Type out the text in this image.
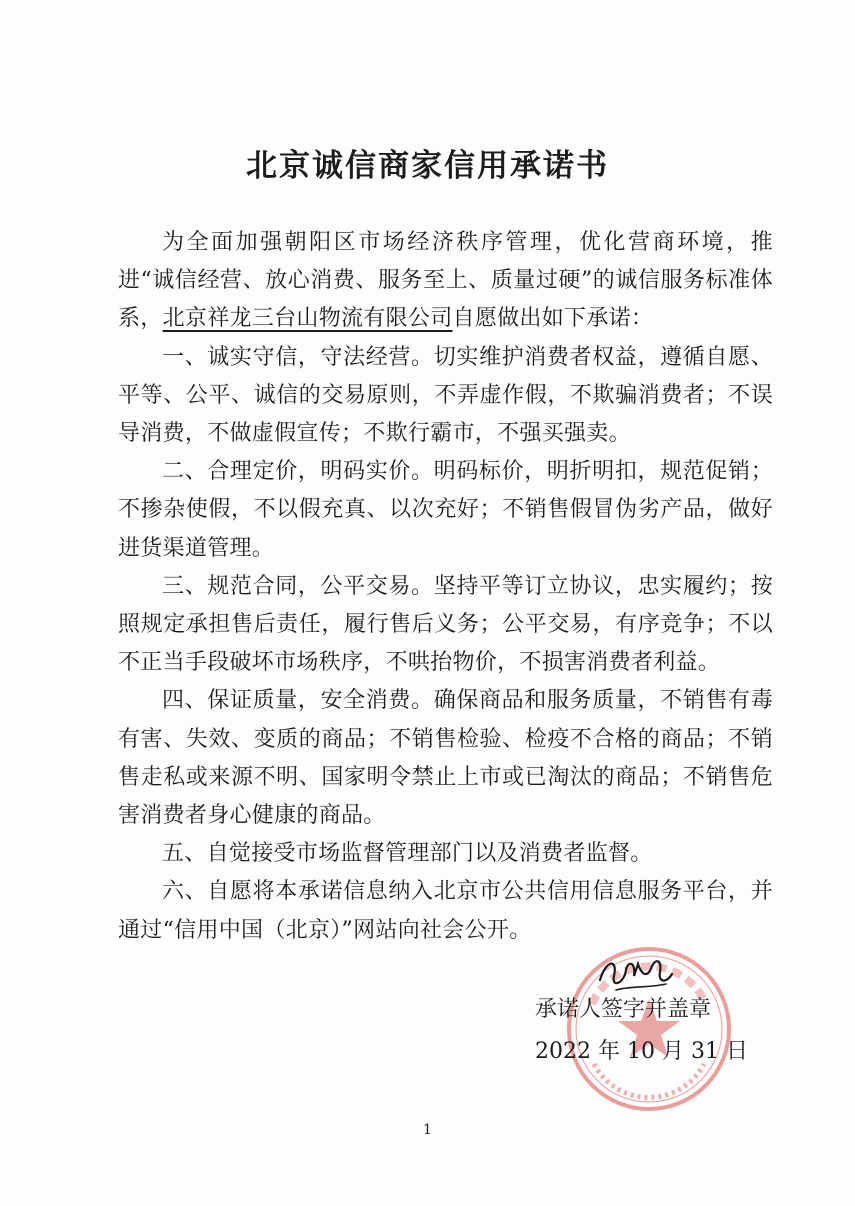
北京诚信商家信用承诺书

为全面加强朝阳区市场经济秩序管理，优化营商环境，推进“诚信经营、放心消费、服务至上、质量过硬”的诚信服务标准体系，北京祥龙三台山物流有限公司自愿做出如下承诺：

一、诚实守信，守法经营。切实维护消费者权益，遵循自愿、平等、公平、诚信的交易原则，不弄虚作假，不欺骗消费者；不误导消费，不做虚假宣传；不欺行霸市，不强买强卖。

二、合理定价，明码实价。明码标价，明折明扣，规范促销；不掺杂使假，不以假充真、以次充好；不销售假冒伪劣产品，做好进货渠道管理。

三、规范合同，公平交易。坚持平等订立协议，忠实履约；按照规定承担售后责任，履行售后义务；公平交易，有序竞争；不以不正当手段破坏市场秩序，不哄抬物价，不损害消费者利益。

四、保证质量，安全消费。确保商品和服务质量，不销售有毒有害、失效、变质的商品；不销售检验、检疫不合格的商品；不销售走私或来源不明、国家明令禁止上市或已淘汰的商品；不销售危害消费者身心健康的商品。

五、自觉接受市场监督管理部门以及消费者监督。

六、自愿将本承诺信息纳入北京市公共信用信息服务平台，并通过“信用中国（北京）”网站向社会公开。

承诺人签字并盖章
2022 年 10 月 31 日
1
